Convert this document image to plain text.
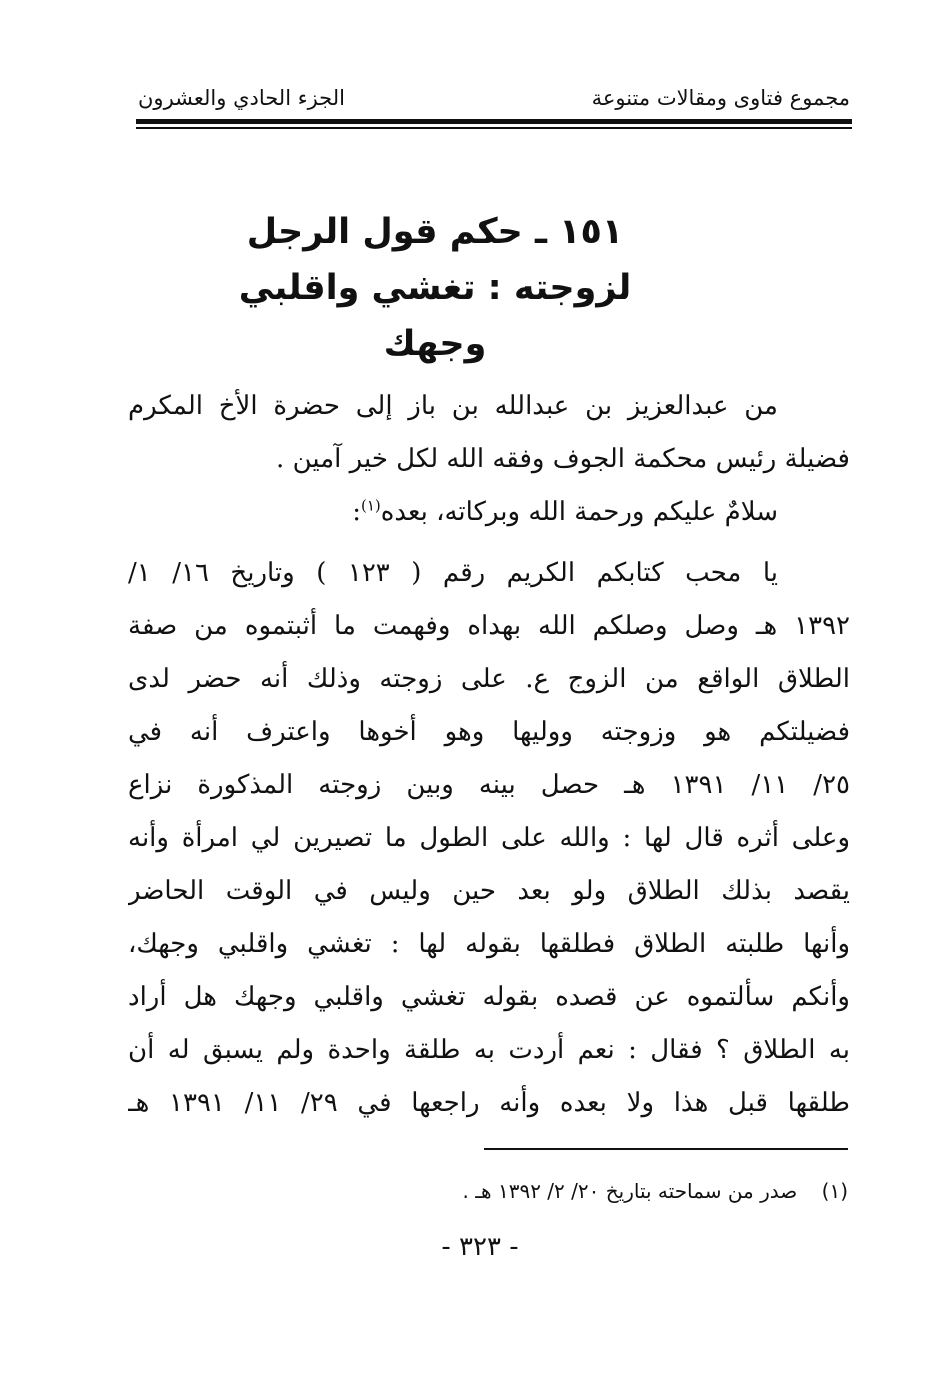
مجموع فتاوى ومقالات متنوعة
الجزء الحادي والعشرون
١٥١ ـ حكم قول الرجل
لزوجته : تغشي واقلبي وجهك
من عبدالعزيز بن عبدالله بن باز إلى حضرة الأخ المكرم
فضيلة رئيس محكمة الجوف وفقه الله لكل خير آمين .
سلامٌ عليكم ورحمة الله وبركاته، بعده$^{(١)}$:
يا محب كتابكم الكريم رقم ( ١٢٣ ) وتاريخ ١٦/ ١/
١٣٩٢ هـ وصل وصلكم الله بهداه وفهمت ما أثبتموه من صفة
الطلاق الواقع من الزوج ع. على زوجته وذلك أنه حضر لدى
فضيلتكم هو وزوجته ووليها وهو أخوها واعترف أنه في
٢٥/ ١١/ ١٣٩١ هـ حصل بينه وبين زوجته المذكورة نزاع
وعلى أثره قال لها : والله على الطول ما تصيرين لي امرأة وأنه
يقصد بذلك الطلاق ولو بعد حين وليس في الوقت الحاضر
وأنها طلبته الطلاق فطلقها بقوله لها : تغشي واقلبي وجهك،
وأنكم سألتموه عن قصده بقوله تغشي واقلبي وجهك هل أراد
به الطلاق ؟ فقال : نعم أردت به طلقة واحدة ولم يسبق له أن
طلقها قبل هذا ولا بعده وأنه راجعها في ٢٩/ ١١/ ١٣٩١ هـ
(١) صدر من سماحته بتاريخ ٢٠/ ٢/ ١٣٩٢ هـ .
- ٣٢٣ -
